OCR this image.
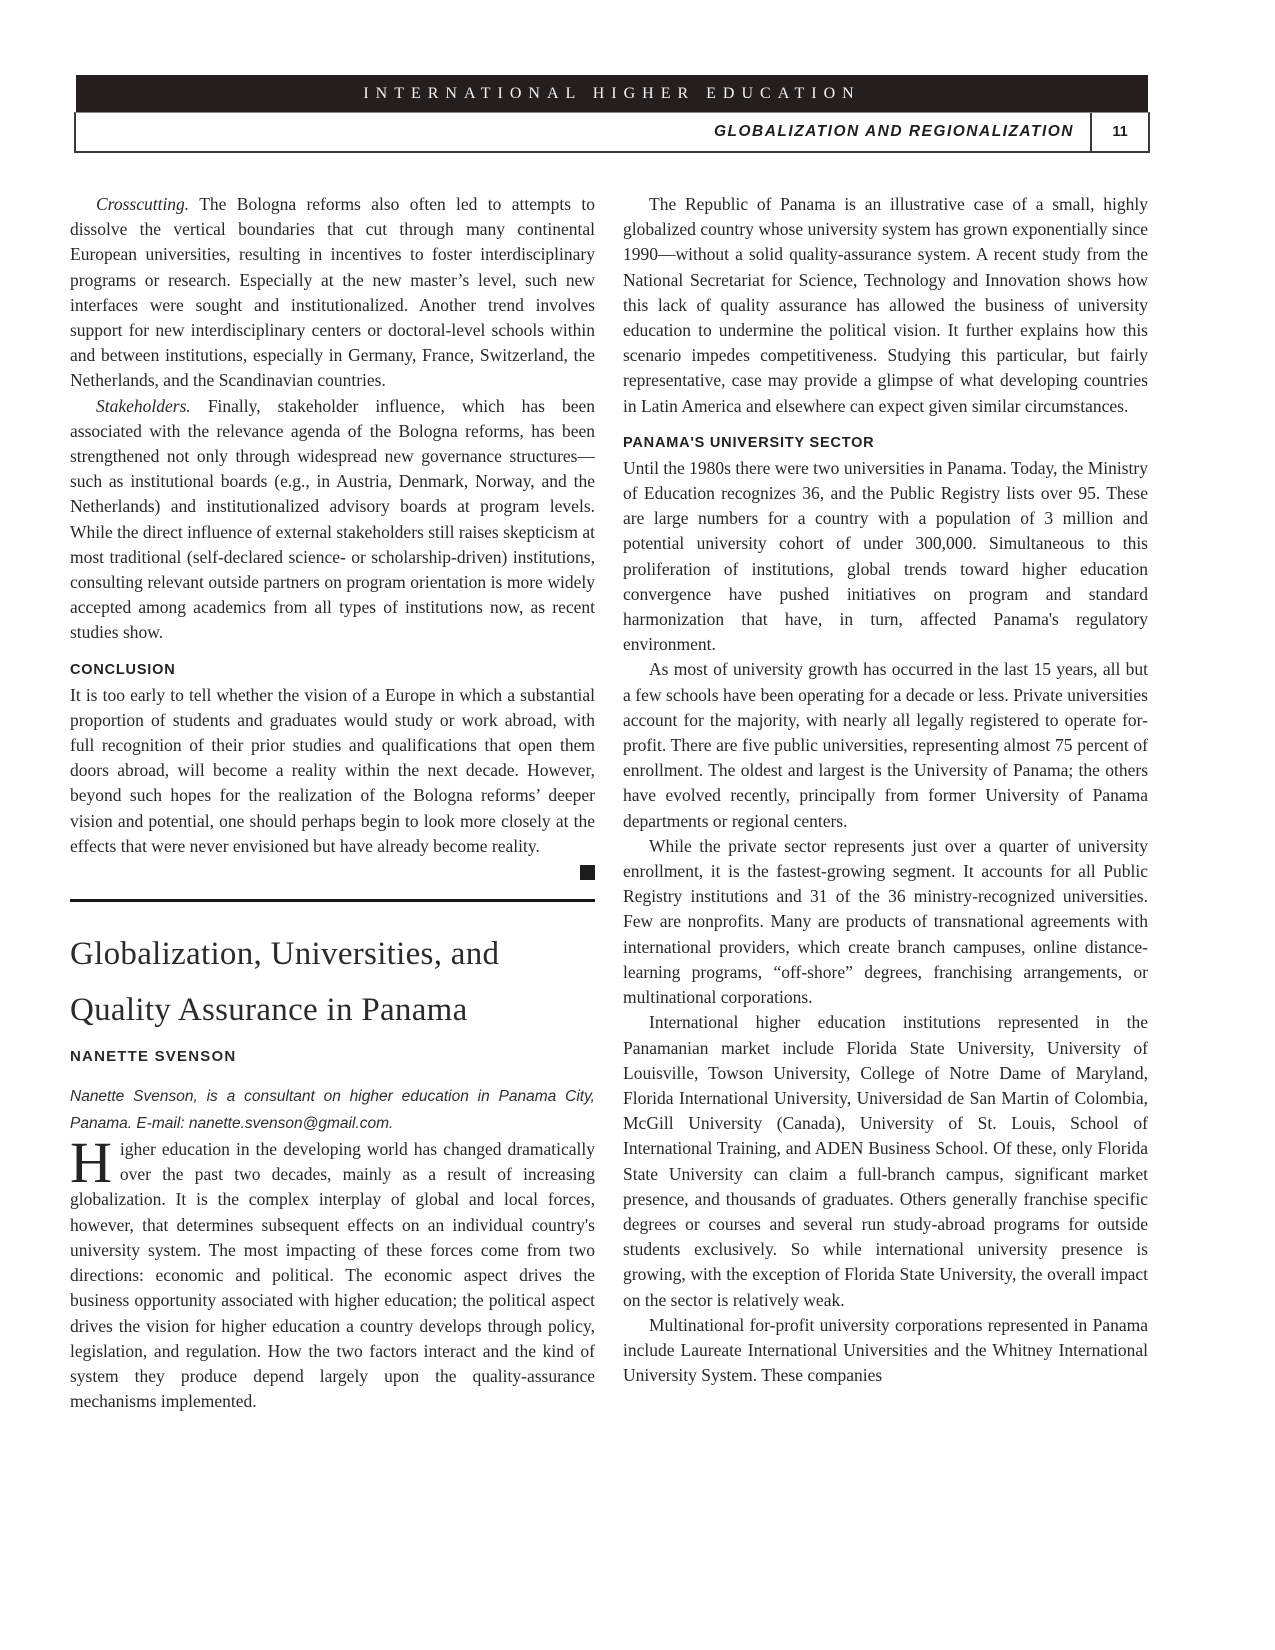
INTERNATIONAL HIGHER EDUCATION
GLOBALIZATION AND REGIONALIZATION	11

Crosscutting. The Bologna reforms also often led to attempts to dissolve the vertical boundaries that cut through many continental European universities, resulting in incentives to foster interdisciplinary programs or research. Especially at the new master’s level, such new interfaces were sought and institutionalized. Another trend involves support for new interdisciplinary centers or doctoral-level schools within and between institutions, especially in Germany, France, Switzerland, the Netherlands, and the Scandinavian countries.

Stakeholders. Finally, stakeholder influence, which has been associated with the relevance agenda of the Bologna reforms, has been strengthened not only through widespread new governance structures—such as institutional boards (e.g., in Austria, Denmark, Norway, and the Netherlands) and institutionalized advisory boards at program levels. While the direct influence of external stakeholders still raises skepticism at most traditional (self-declared science- or scholarship-driven) institutions, consulting relevant outside partners on program orientation is more widely accepted among academics from all types of institutions now, as recent studies show.

CONCLUSION

It is too early to tell whether the vision of a Europe in which a substantial proportion of students and graduates would study or work abroad, with full recognition of their prior studies and qualifications that open them doors abroad, will become a reality within the next decade. However, beyond such hopes for the realization of the Bologna reforms’ deeper vision and potential, one should perhaps begin to look more closely at the effects that were never envisioned but have already become reality.

Globalization, Universities, and
Quality Assurance in Panama
NANETTE SVENSON

Nanette Svenson, is a consultant on higher education in Panama City, Panama. E-mail: nanette.svenson@gmail.com.

Higher education in the developing world has changed dramatically over the past two decades, mainly as a result of increasing globalization. It is the complex interplay of global and local forces, however, that determines subsequent effects on an individual country's university system. The most impacting of these forces come from two directions: economic and political. The economic aspect drives the business opportunity associated with higher education; the political aspect drives the vision for higher education a country develops through policy, legislation, and regulation. How the two factors interact and the kind of system they produce depend largely upon the quality-assurance mechanisms implemented.

The Republic of Panama is an illustrative case of a small, highly globalized country whose university system has grown exponentially since 1990—without a solid quality-assurance system. A recent study from the National Secretariat for Science, Technology and Innovation shows how this lack of quality assurance has allowed the business of university education to undermine the political vision. It further explains how this scenario impedes competitiveness. Studying this particular, but fairly representative, case may provide a glimpse of what developing countries in Latin America and elsewhere can expect given similar circumstances.

PANAMA'S UNIVERSITY SECTOR

Until the 1980s there were two universities in Panama. Today, the Ministry of Education recognizes 36, and the Public Registry lists over 95. These are large numbers for a country with a population of 3 million and potential university cohort of under 300,000. Simultaneous to this proliferation of institutions, global trends toward higher education convergence have pushed initiatives on program and standard harmonization that have, in turn, affected Panama's regulatory environment.

As most of university growth has occurred in the last 15 years, all but a few schools have been operating for a decade or less. Private universities account for the majority, with nearly all legally registered to operate for-profit. There are five public universities, representing almost 75 percent of enrollment. The oldest and largest is the University of Panama; the others have evolved recently, principally from former University of Panama departments or regional centers.

While the private sector represents just over a quarter of university enrollment, it is the fastest-growing segment. It accounts for all Public Registry institutions and 31 of the 36 ministry-recognized universities. Few are nonprofits. Many are products of transnational agreements with international providers, which create branch campuses, online distance-learning programs, “off-shore” degrees, franchising arrangements, or multinational corporations.

International higher education institutions represented in the Panamanian market include Florida State University, University of Louisville, Towson University, College of Notre Dame of Maryland, Florida International University, Universidad de San Martin of Colombia, McGill University (Canada), University of St. Louis, School of International Training, and ADEN Business School. Of these, only Florida State University can claim a full-branch campus, significant market presence, and thousands of graduates. Others generally franchise specific degrees or courses and several run study-abroad programs for outside students exclusively. So while international university presence is growing, with the exception of Florida State University, the overall impact on the sector is relatively weak.

Multinational for-profit university corporations represented in Panama include Laureate International Universities and the Whitney International University System. These companies
